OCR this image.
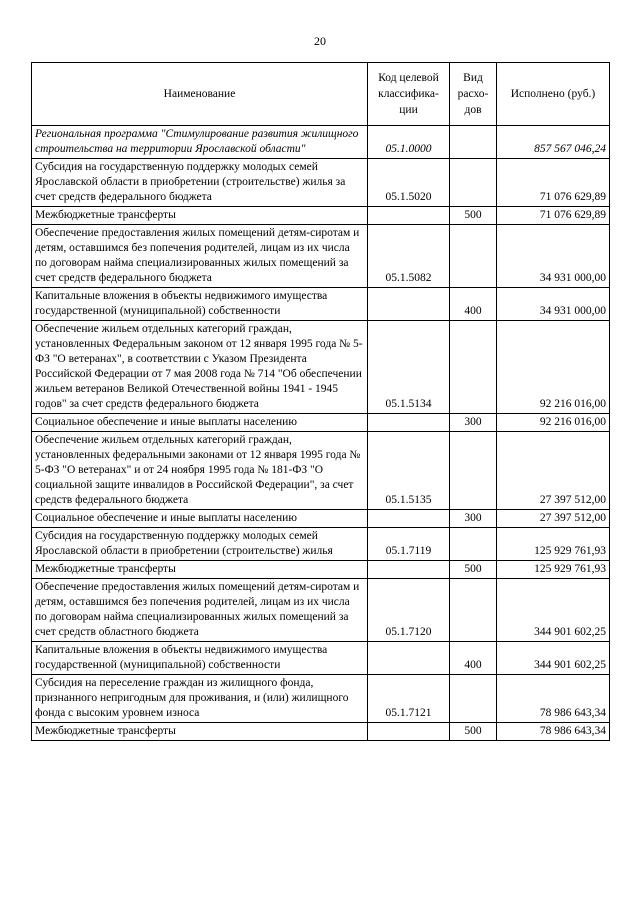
20
Наименование	Код целевой классифика- ции	Вид расхо- дов	Исполнено (руб.)
Региональная программа "Стимулирование развития жилищного строительства на территории Ярославской области"	05.1.0000		857 567 046,24
Субсидия на государственную поддержку молодых семей Ярославской области в приобретении (строительстве) жилья за счет средств федерального бюджета	05.1.5020		71 076 629,89
Межбюджетные трансферты		500	71 076 629,89
Обеспечение предоставления жилых помещений детям-сиротам и детям, оставшимся без попечения родителей, лицам из их числа по договорам найма специализированных жилых помещений за счет средств федерального бюджета	05.1.5082		34 931 000,00
Капитальные вложения в объекты недвижимого имущества государственной (муниципальной) собственности		400	34 931 000,00
Обеспечение жильем отдельных категорий граждан, установленных Федеральным законом от 12 января 1995 года № 5-ФЗ "О ветеранах", в соответствии с Указом Президента Российской Федерации от 7 мая 2008 года № 714 "Об обеспечении жильем ветеранов Великой Отечественной войны 1941 - 1945 годов" за счет средств федерального бюджета	05.1.5134		92 216 016,00
Социальное обеспечение и иные выплаты населению		300	92 216 016,00
Обеспечение жильем отдельных категорий граждан, установленных федеральными законами от 12 января 1995 года № 5-ФЗ "О ветеранах" и от 24 ноября 1995 года № 181-ФЗ "О социальной защите инвалидов в Российской Федерации", за счет средств федерального бюджета	05.1.5135		27 397 512,00
Социальное обеспечение и иные выплаты населению		300	27 397 512,00
Субсидия на государственную поддержку молодых семей Ярославской области в приобретении (строительстве) жилья	05.1.7119		125 929 761,93
Межбюджетные трансферты		500	125 929 761,93
Обеспечение предоставления жилых помещений детям-сиротам и детям, оставшимся без попечения родителей, лицам из их числа по договорам найма специализированных жилых помещений за счет средств областного бюджета	05.1.7120		344 901 602,25
Капитальные вложения в объекты недвижимого имущества государственной (муниципальной) собственности		400	344 901 602,25
Субсидия на переселение граждан из жилищного фонда, признанного непригодным для проживания, и (или) жилищного фонда с высоким уровнем износа	05.1.7121		78 986 643,34
Межбюджетные трансферты		500	78 986 643,34
